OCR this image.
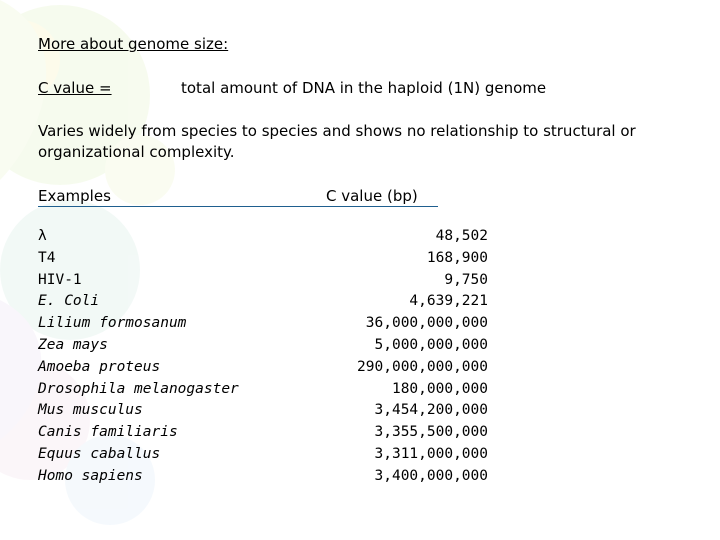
More about genome size:
C value =	total amount of DNA in the haploid (1N) genome
Varies widely from species to species and shows no relationship to structural or organizational complexity.
Examples	C value (bp)
λ
T4
HIV-1
E. Coli
Lilium formosanum
Zea mays
Amoeba proteus
Drosophila melanogaster
Mus musculus
Canis familiaris
Equus caballus
Homo sapiens
48,502
168,900
9,750
4,639,221
36,000,000,000
5,000,000,000
290,000,000,000
180,000,000
3,454,200,000
3,355,500,000
3,311,000,000
3,400,000,000
